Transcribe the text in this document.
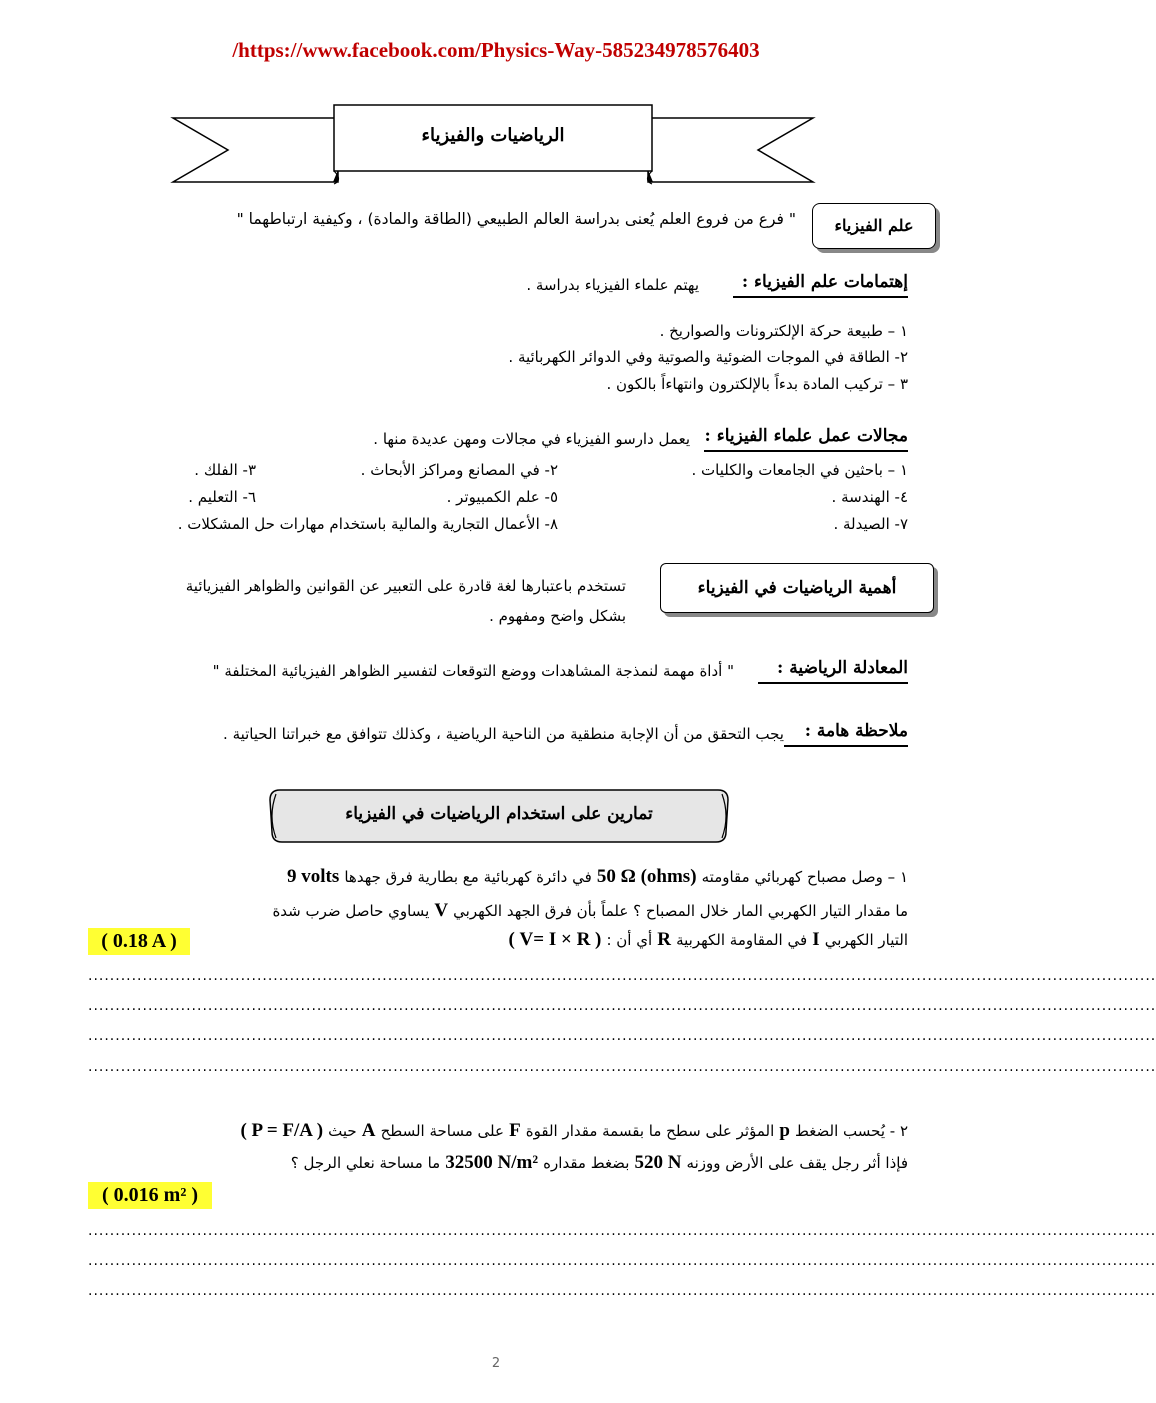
/https://www.facebook.com/Physics-Way-585234978576403
الرياضيات والفيزياء
علم الفيزياء
" فرع من فروع العلم يُعنى بدراسة العالم الطبيعي (الطاقة والمادة) ، وكيفية ارتباطهما "
إهتمامات علم الفيزياء :
يهتم علماء الفيزياء بدراسة .
١ – طبيعة حركة الإلكترونات والصواريخ .
٢- الطاقة في الموجات الضوئية والصوتية وفي الدوائر الكهربائية .
٣ – تركيب المادة بدءاً بالإلكترون وانتهاءاً بالكون .
مجالات عمل علماء الفيزياء :
يعمل دارسو الفيزياء في مجالات ومهن عديدة منها .
١ – باحثين في الجامعات والكليات .
٢- في المصانع ومراكز الأبحاث .
٣- الفلك .
٤- الهندسة .
٥- علم الكمبيوتر .
٦- التعليم .
٧- الصيدلة .
٨- الأعمال التجارية والمالية باستخدام مهارات حل المشكلات .
أهمية الرياضيات في الفيزياء
تستخدم باعتبارها لغة قادرة على التعبير عن القوانين والظواهر الفيزيائية
بشكل واضح ومفهوم .
المعادلة الرياضية :
" أداة مهمة لنمذجة المشاهدات ووضع التوقعات لتفسير الظواهر الفيزيائية المختلفة "
ملاحظة هامة :
يجب التحقق من أن الإجابة منطقية من الناحية الرياضية ، وكذلك تتوافق مع خبراتنا الحياتية .
تمارين على استخدام الرياضيات في الفيزياء
١ – وصل مصباح كهربائي مقاومته 50 Ω (ohms) في دائرة كهربائية مع بطارية فرق جهدها 9 volts
ما مقدار التيار الكهربي المار خلال المصباح ؟ علماً بأن فرق الجهد الكهربي V يساوي حاصل ضرب شدة
التيار الكهربي I في المقاومة الكهربية R أي أن : ( V= I × R )
( 0.18 A )
....................................................................................................................................................................................................
....................................................................................................................................................................................................
....................................................................................................................................................................................................
....................................................................................................................................................................................................
٢ - يُحسب الضغط p المؤثر على سطح ما بقسمة مقدار القوة F على مساحة السطح A حيث ( P = F/A )
فإذا أثر رجل يقف على الأرض ووزنه 520 N بضغط مقداره 32500 N/m² ما مساحة نعلي الرجل ؟
( 0.016 m² )
....................................................................................................................................................................................................
....................................................................................................................................................................................................
....................................................................................................................................................................................................
2
